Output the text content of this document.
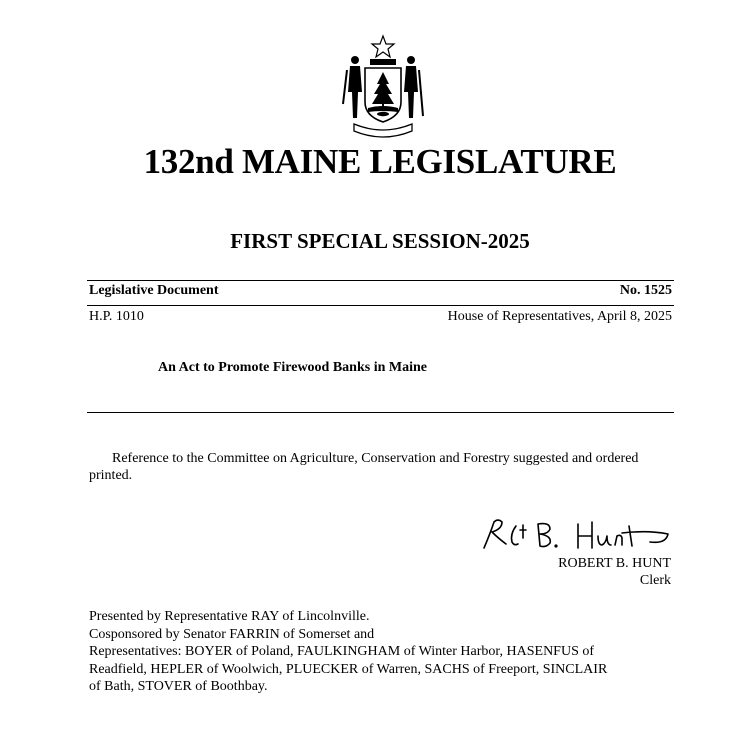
132nd MAINE LEGISLATURE
FIRST SPECIAL SESSION-2025
Legislative Document	No. 1525
H.P. 1010	House of Representatives, April 8, 2025
An Act to Promote Firewood Banks in Maine
Reference to the Committee on Agriculture, Conservation and Forestry suggested and ordered printed.
ROBERT B. HUNT
Clerk
Presented by Representative RAY of Lincolnville.
Cosponsored by Senator FARRIN of Somerset and
Representatives: BOYER of Poland, FAULKINGHAM of Winter Harbor, HASENFUS of
Readfield, HEPLER of Woolwich, PLUECKER of Warren, SACHS of Freeport, SINCLAIR
of Bath, STOVER of Boothbay.
